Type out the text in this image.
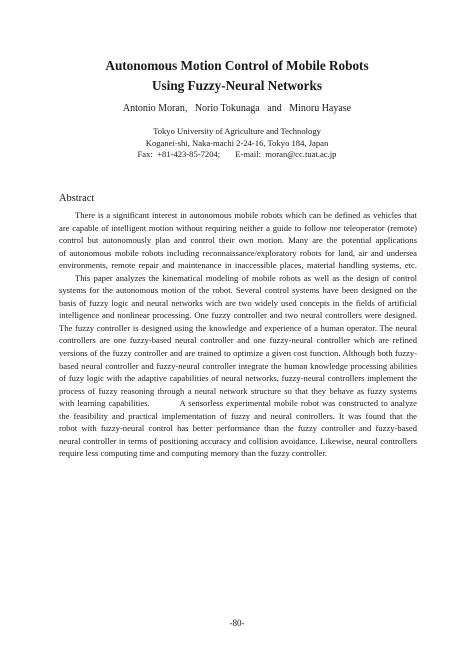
Autonomous Motion Control of Mobile Robots
Using Fuzzy-Neural Networks
Antonio Moran,   Norio Tokunaga   and   Minoru Hayase
Tokyo University of Agriculture and Technology
Koganei-shi, Naka-machi 2-24-16, Tokyo 184, Japan
Fax:  +81-423-85-7204;       E-mail:  moran@cc.tuat.ac.jp
Abstract
There is a significant interest in autonomous mobile robots which can be defined as vehicles that
are capable of intelligent motion without requiring neither a guide to follow nor teleoperator (remote)
control but autonomously plan and control their own motion. Many are the potential applications
of autonomous mobile robots including reconnaissance/exploratory robots for land, air and undersea
environments, remote repair and maintenance in inaccessible places, material handling systems, etc.
This paper analyzes the kinematical modeling of mobile robots as well as the design of control
systems for the autonomous motion of the robot. Several control systems have been designed on the
basis of fuzzy logic and neural networks wich are two widely used concepts in the fields of artificial
intelligence and nonlinear processing. One fuzzy controller and two neural controllers were designed.
The fuzzy controller is designed using the knowledge and experience of a human operator. The neural
controllers are one fuzzy-based neural controller and one fuzzy-neural controller which are refined
versions of the fuzzy controller and are trained to optimize a given cost function. Although both fuzzy-
based neural controller and fuzzy-neural controller integrate the human knowledge processing abilities
of fuzy logic with the adaptive capabilities of neural networks, fuzzy-neural controllers implement the
process of fuzzy reasoning through a neural network structure so that they behave as fuzzy systems
with learning capabilities.          A sensorless experimental mobile robot was constructed to analyze
the feasibility and practical implementation of fuzzy and neural controllers. It was found that the
robot with fuzzy-neural control has better performance than the fuzzy controller and fuzzy-based
neural controller in terms of positioning accuracy and collision avoidance. Likewise, neural controllers
require less computing time and computing memory than the fuzzy controller.
-80-
